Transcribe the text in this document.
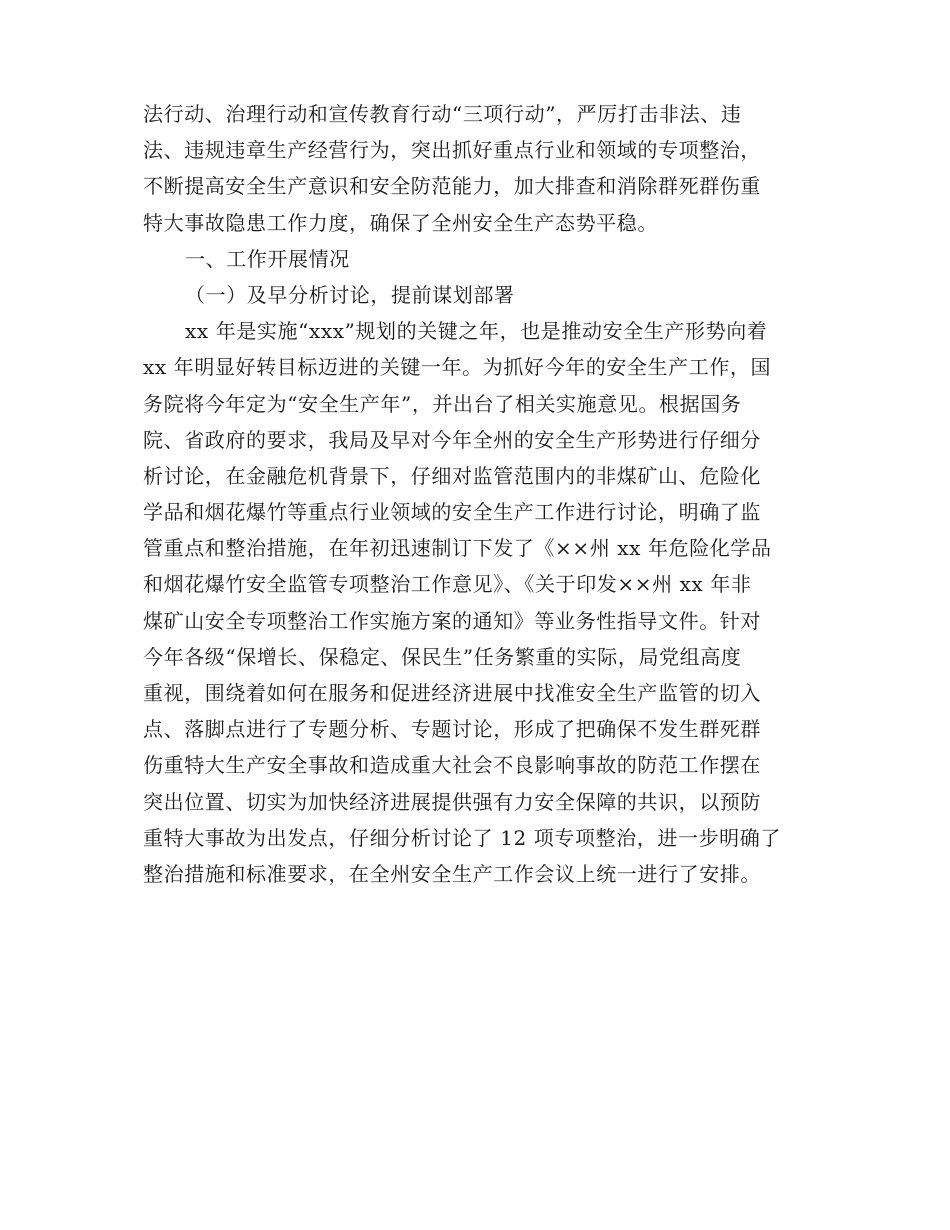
法行动、治理行动和宣传教育行动“三项行动”，严厉打击非法、违
法、违规违章生产经营行为，突出抓好重点行业和领域的专项整治，
不断提高安全生产意识和安全防范能力，加大排查和消除群死群伤重
特大事故隐患工作力度，确保了全州安全生产态势平稳。
一、工作开展情况
（一）及早分析讨论，提前谋划部署
xx 年是实施“xxx”规划的关键之年，也是推动安全生产形势向着
xx 年明显好转目标迈进的关键一年。为抓好今年的安全生产工作，国
务院将今年定为“安全生产年”，并出台了相关实施意见。根据国务
院、省政府的要求，我局及早对今年全州的安全生产形势进行仔细分
析讨论，在金融危机背景下，仔细对监管范围内的非煤矿山、危险化
学品和烟花爆竹等重点行业领域的安全生产工作进行讨论，明确了监
管重点和整治措施，在年初迅速制订下发了《××州 xx 年危险化学品
和烟花爆竹安全监管专项整治工作意见》、《关于印发××州 xx 年非
煤矿山安全专项整治工作实施方案的通知》等业务性指导文件。针对
今年各级“保增长、保稳定、保民生”任务繁重的实际，局党组高度
重视，围绕着如何在服务和促进经济进展中找准安全生产监管的切入
点、落脚点进行了专题分析、专题讨论，形成了把确保不发生群死群
伤重特大生产安全事故和造成重大社会不良影响事故的防范工作摆在
突出位置、切实为加快经济进展提供强有力安全保障的共识，以预防
重特大事故为出发点，仔细分析讨论了 12 项专项整治，进一步明确了
整治措施和标准要求，在全州安全生产工作会议上统一进行了安排。
